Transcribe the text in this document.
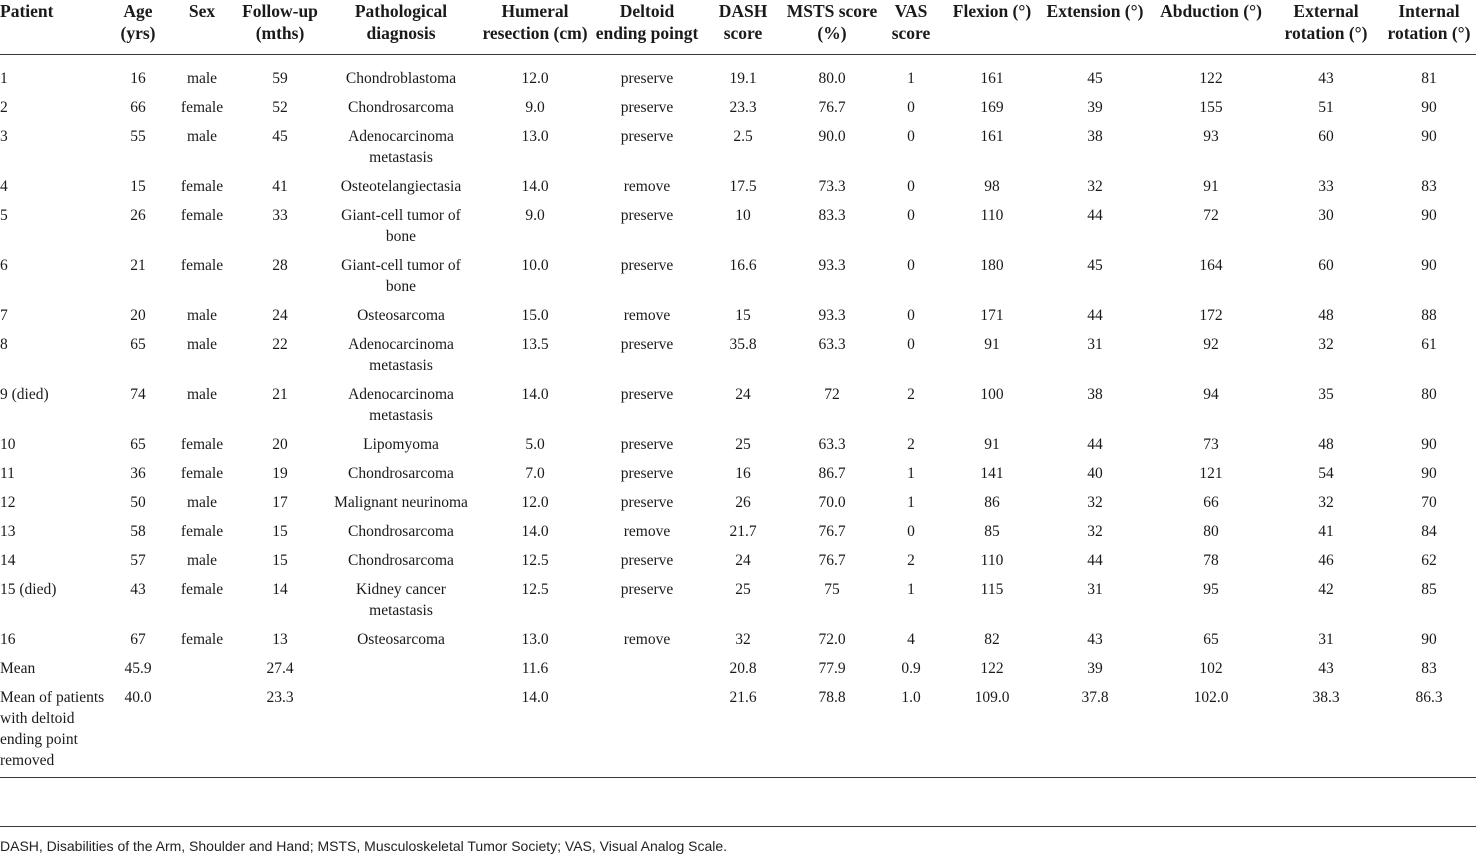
Patient	Age (yrs)	Sex	Follow-up (mths)	Pathological diagnosis	Humeral resection (cm)	Deltoid ending poingt	DASH score	MSTS score (%)	VAS score	Flexion (°)	Extension (°)	Abduction (°)	External rotation (°)	Internal rotation (°)
1	16	male	59	Chondroblastoma	12.0	preserve	19.1	80.0	1	161	45	122	43	81
2	66	female	52	Chondrosarcoma	9.0	preserve	23.3	76.7	0	169	39	155	51	90
3	55	male	45	Adenocarcinoma metastasis	13.0	preserve	2.5	90.0	0	161	38	93	60	90
4	15	female	41	Osteotelangiectasia	14.0	remove	17.5	73.3	0	98	32	91	33	83
5	26	female	33	Giant-cell tumor of bone	9.0	preserve	10	83.3	0	110	44	72	30	90
6	21	female	28	Giant-cell tumor of bone	10.0	preserve	16.6	93.3	0	180	45	164	60	90
7	20	male	24	Osteosarcoma	15.0	remove	15	93.3	0	171	44	172	48	88
8	65	male	22	Adenocarcinoma metastasis	13.5	preserve	35.8	63.3	0	91	31	92	32	61
9 (died)	74	male	21	Adenocarcinoma metastasis	14.0	preserve	24	72	2	100	38	94	35	80
10	65	female	20	Lipomyoma	5.0	preserve	25	63.3	2	91	44	73	48	90
11	36	female	19	Chondrosarcoma	7.0	preserve	16	86.7	1	141	40	121	54	90
12	50	male	17	Malignant neurinoma	12.0	preserve	26	70.0	1	86	32	66	32	70
13	58	female	15	Chondrosarcoma	14.0	remove	21.7	76.7	0	85	32	80	41	84
14	57	male	15	Chondrosarcoma	12.5	preserve	24	76.7	2	110	44	78	46	62
15 (died)	43	female	14	Kidney cancer metastasis	12.5	preserve	25	75	1	115	31	95	42	85
16	67	female	13	Osteosarcoma	13.0	remove	32	72.0	4	82	43	65	31	90
Mean	45.9		27.4		11.6		20.8	77.9	0.9	122	39	102	43	83
Mean of patients with deltoid ending point removed	40.0		23.3		14.0		21.6	78.8	1.0	109.0	37.8	102.0	38.3	86.3
DASH, Disabilities of the Arm, Shoulder and Hand; MSTS, Musculoskeletal Tumor Society; VAS, Visual Analog Scale.
